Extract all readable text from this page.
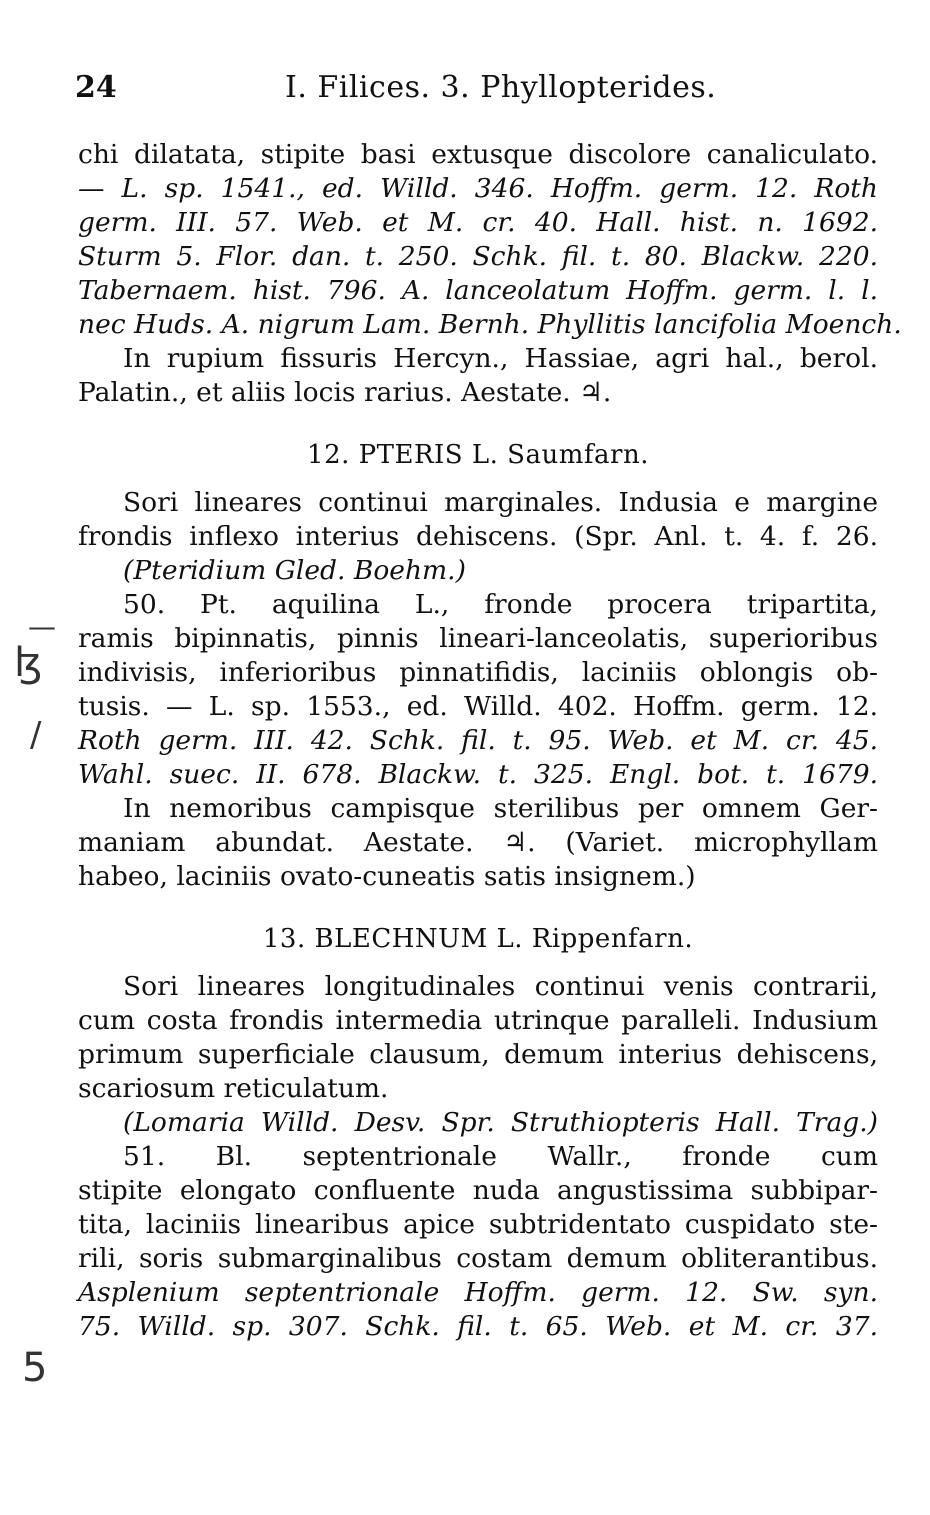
24	I. Filices. 3. Phyllopterides.
chi dilatata, stipite basi extusque discolore canaliculato.
— L. sp. 1541., ed. Willd. 346. Hoffm. germ. 12. Roth
germ. III. 57. Web. et M. cr. 40. Hall. hist. n. 1692.
Sturm 5. Flor. dan. t. 250. Schk. fil. t. 80. Blackw. 220.
Tabernaem. hist. 796. A. lanceolatum Hoffm. germ. l. l.
nec Huds. A. nigrum Lam. Bernh. Phyllitis lancifolia Moench.
In rupium fissuris Hercyn., Hassiae, agri hal., berol.
Palatin., et aliis locis rarius. Aestate. ♃.
12. PTERIS L. Saumfarn.
Sori lineares continui marginales. Indusia e margine
frondis inflexo interius dehiscens. (Spr. Anl. t. 4. f. 26.
(Pteridium Gled. Boehm.)
50. Pt. aquilina L., fronde procera tripartita,
ramis bipinnatis, pinnis lineari-lanceolatis, superioribus
indivisis, inferioribus pinnatifidis, laciniis oblongis ob-
tusis. — L. sp. 1553., ed. Willd. 402. Hoffm. germ. 12.
Roth germ. III. 42. Schk. fil. t. 95. Web. et M. cr. 45.
Wahl. suec. II. 678. Blackw. t. 325. Engl. bot. t. 1679.
In nemoribus campisque sterilibus per omnem Ger-
maniam abundat. Aestate. ♃. (Variet. microphyllam
habeo, laciniis ovato-cuneatis satis insignem.)
13. BLECHNUM L. Rippenfarn.
Sori lineares longitudinales continui venis contrarii,
cum costa frondis intermedia utrinque paralleli. Indusium
primum superficiale clausum, demum interius dehiscens,
scariosum reticulatum.
(Lomaria Willd. Desv. Spr. Struthiopteris Hall. Trag.)
51. Bl. septentrionale Wallr., fronde cum
stipite elongato confluente nuda angustissima subbipar-
tita, laciniis linearibus apice subtridentato cuspidato ste-
rili, soris submarginalibus costam demum obliterantibus.
Asplenium septentrionale Hoffm. germ. 12. Sw. syn.
75. Willd. sp. 307. Schk. fil. t. 65. Web. et M. cr. 37.
—
ɮ
/
5
